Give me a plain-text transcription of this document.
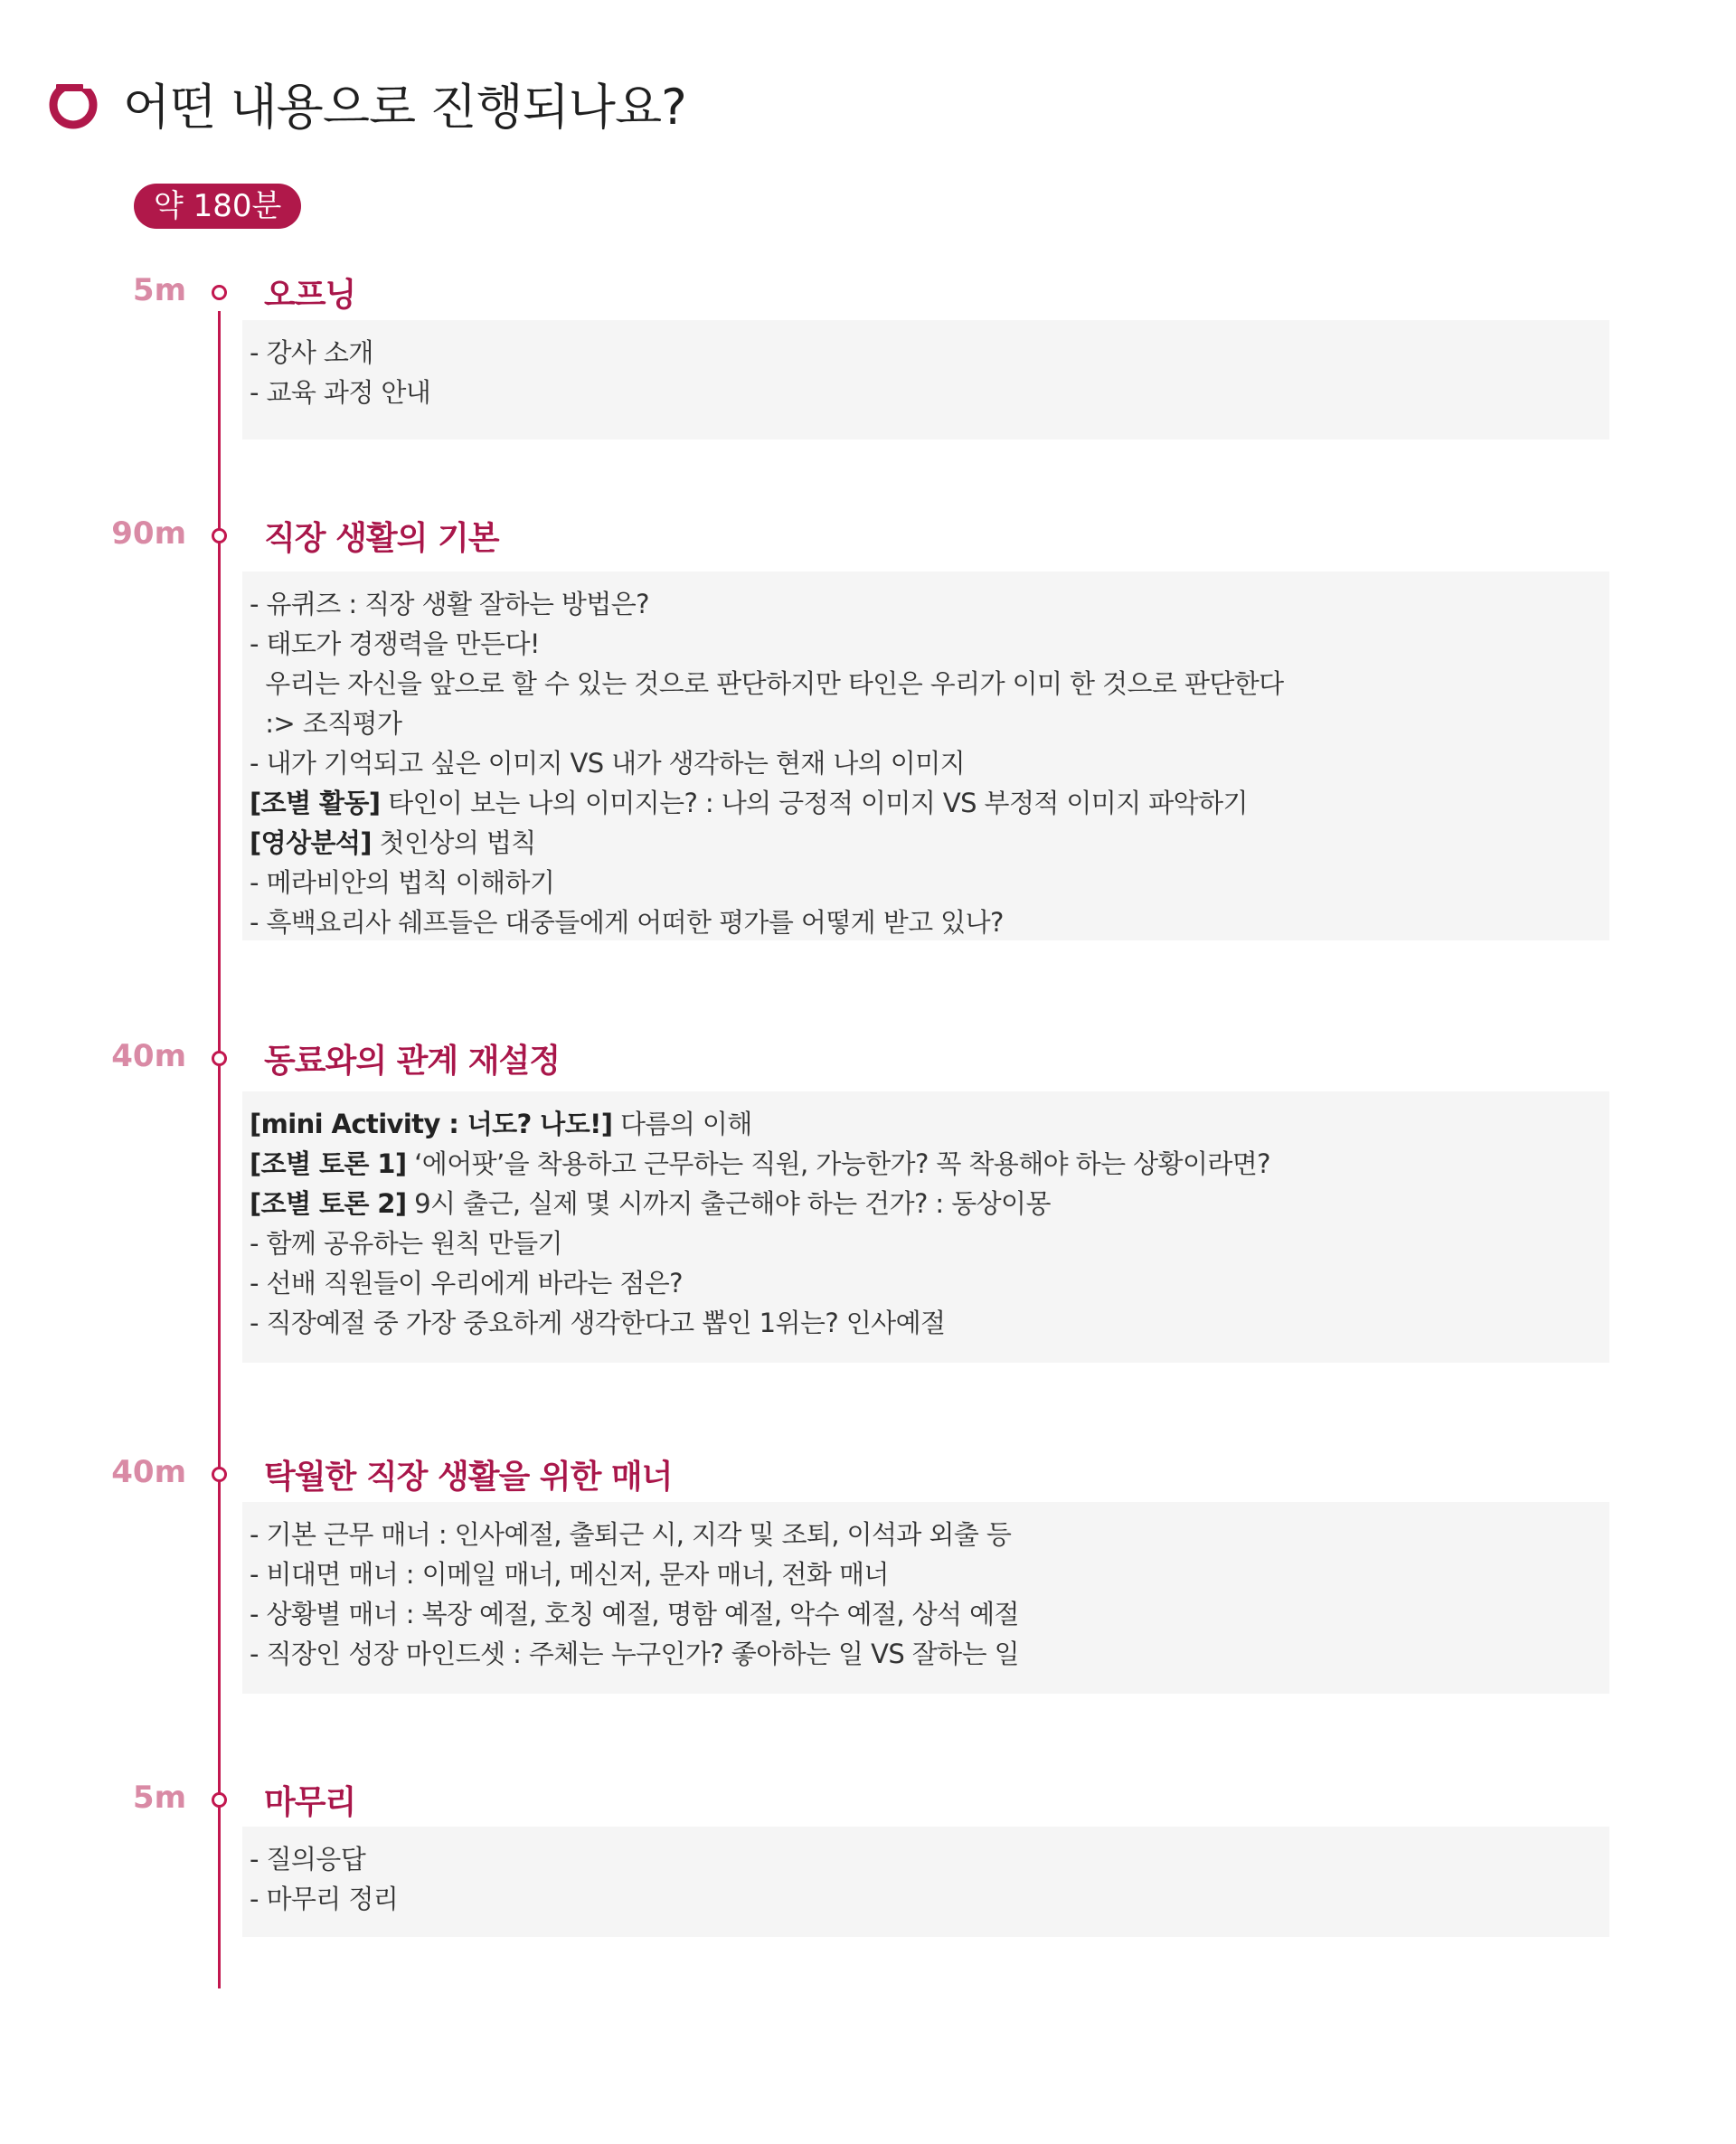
어떤 내용으로 진행되나요?
약 180분
5m 오프닝
- 강사 소개
- 교육 과정 안내
90m 직장 생활의 기본
- 유퀴즈 : 직장 생활 잘하는 방법은?
- 태도가 경쟁력을 만든다!
우리는 자신을 앞으로 할 수 있는 것으로 판단하지만 타인은 우리가 이미 한 것으로 판단한다
:> 조직평가
- 내가 기억되고 싶은 이미지 VS 내가 생각하는 현재 나의 이미지
[조별 활동] 타인이 보는 나의 이미지는? : 나의 긍정적 이미지 VS 부정적 이미지 파악하기
[영상분석] 첫인상의 법칙
- 메라비안의 법칙 이해하기
- 흑백요리사 쉐프들은 대중들에게 어떠한 평가를 어떻게 받고 있나?
40m 동료와의 관계 재설정
[mini Activity : 너도? 나도!] 다름의 이해
[조별 토론 1] ‘에어팟’을 착용하고 근무하는 직원, 가능한가? 꼭 착용해야 하는 상황이라면?
[조별 토론 2] 9시 출근, 실제 몇 시까지 출근해야 하는 건가? : 동상이몽
- 함께 공유하는 원칙 만들기
- 선배 직원들이 우리에게 바라는 점은?
- 직장예절 중 가장 중요하게 생각한다고 뽑인 1위는? 인사예절
40m 탁월한 직장 생활을 위한 매너
- 기본 근무 매너 : 인사예절, 출퇴근 시, 지각 및 조퇴, 이석과 외출 등
- 비대면 매너 : 이메일 매너, 메신저, 문자 매너, 전화 매너
- 상황별 매너 : 복장 예절, 호칭 예절, 명함 예절, 악수 예절, 상석 예절
- 직장인 성장 마인드셋 : 주체는 누구인가? 좋아하는 일 VS 잘하는 일
5m 마무리
- 질의응답
- 마무리 정리
